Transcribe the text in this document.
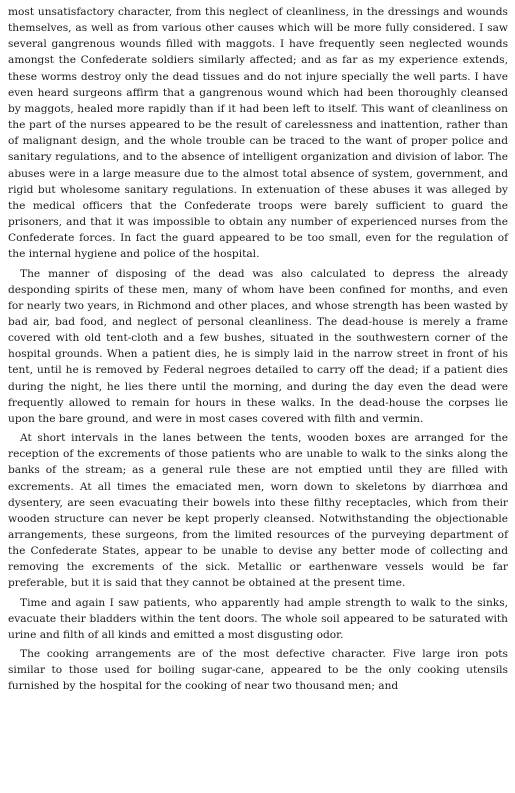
most unsatisfactory character, from this neglect of cleanliness, in the dressings and wounds themselves, as well as from various other causes which will be more fully considered. I saw several gangrenous wounds filled with maggots. I have frequently seen neglected wounds amongst the Confederate soldiers similarly affected; and as far as my experience extends, these worms destroy only the dead tissues and do not injure specially the well parts. I have even heard surgeons affirm that a gangrenous wound which had been thoroughly cleansed by maggots, healed more rapidly than if it had been left to itself. This want of cleanliness on the part of the nurses appeared to be the result of carelessness and inattention, rather than of malignant design, and the whole trouble can be traced to the want of proper police and sanitary regulations, and to the absence of intelligent organization and division of labor. The abuses were in a large measure due to the almost total absence of system, government, and rigid but wholesome sanitary regulations. In extenuation of these abuses it was alleged by the medical officers that the Confederate troops were barely sufficient to guard the prisoners, and that it was impossible to obtain any number of experienced nurses from the Confederate forces. In fact the guard appeared to be too small, even for the regulation of the internal hygiene and police of the hospital.

The manner of disposing of the dead was also calculated to depress the already desponding spirits of these men, many of whom have been confined for months, and even for nearly two years, in Richmond and other places, and whose strength has been wasted by bad air, bad food, and neglect of personal cleanliness. The dead-house is merely a frame covered with old tent-cloth and a few bushes, situated in the southwestern corner of the hospital grounds. When a patient dies, he is simply laid in the narrow street in front of his tent, until he is removed by Federal negroes detailed to carry off the dead; if a patient dies during the night, he lies there until the morning, and during the day even the dead were frequently allowed to remain for hours in these walks. In the dead-house the corpses lie upon the bare ground, and were in most cases covered with filth and vermin.

At short intervals in the lanes between the tents, wooden boxes are arranged for the reception of the excrements of those patients who are unable to walk to the sinks along the banks of the stream; as a general rule these are not emptied until they are filled with excrements. At all times the emaciated men, worn down to skeletons by diarrhœa and dysentery, are seen evacuating their bowels into these filthy receptacles, which from their wooden structure can never be kept properly cleansed. Notwithstanding the objectionable arrangements, these surgeons, from the limited resources of the purveying department of the Confederate States, appear to be unable to devise any better mode of collecting and removing the excrements of the sick. Metallic or earthenware vessels would be far preferable, but it is said that they cannot be obtained at the present time.

Time and again I saw patients, who apparently had ample strength to walk to the sinks, evacuate their bladders within the tent doors. The whole soil appeared to be saturated with urine and filth of all kinds and emitted a most disgusting odor.

The cooking arrangements are of the most defective character. Five large iron pots similar to those used for boiling sugar-cane, appeared to be the only cooking utensils furnished by the hospital for the cooking of near two thousand men; and
